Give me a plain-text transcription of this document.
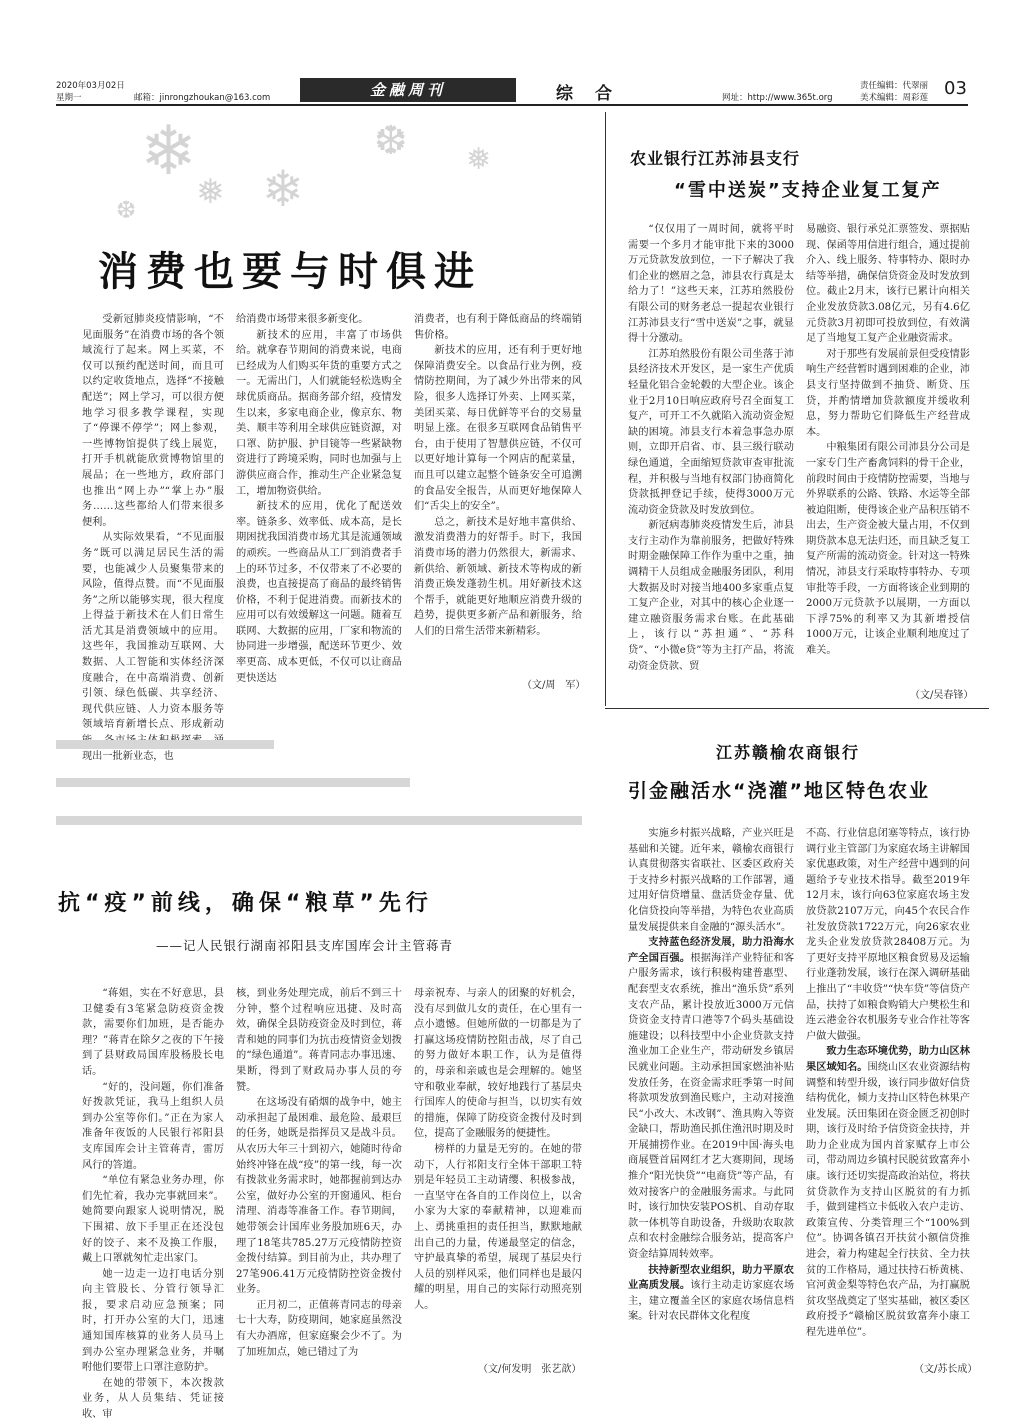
2020年03月02日
星期一	邮箱：jinrongzhoukan@163.com	金融周刊	综合	网址：http://www.365t.org
责任编辑：代翠丽
美术编辑：周彩莲 03
❄ ❄
❅
❆ ❅
❆
消费也要与时俱进

受新冠肺炎疫情影响，“不见面服务”在消费市场的各个领域流行了起来。网上买菜，不仅可以预约配送时间，而且可以约定收货地点，选择“不接触配送”；网上学习，可以很方便地学习很多教学课程，实现了“停课不停学”；网上参观，一些博物馆提供了线上展览，打开手机就能欣赏博物馆里的展品；在一些地方，政府部门也推出“网上办”“掌上办”服务……这些都给人们带来很多便利。

从实际效果看，“不见面服务”既可以满足居民生活的需要，也能减少人员聚集带来的风险，值得点赞。而“不见面服务”之所以能够实现，很大程度上得益于新技术在人们日常生活尤其是消费领域中的应用。这些年，我国推动互联网、大数据、人工智能和实体经济深度融合，在中高端消费、创新引领、绿色低碳、共享经济、现代供应链、人力资本服务等领域培育新增长点、形成新动 现出一批新业态，也

给消费市场带来很多新变化。

新技术的应用，丰富了市场供给。就拿春节期间的消费来说，电商已经成为人们购买年货的重要方式之一。无需出门，人们就能轻松选购全球优质商品。据商务部介绍，疫情发生以来，多家电商企业，像京东、物美、顺丰等利用全球供应链资源，对口罩、防护服、护目镜等一些紧缺物资进行了跨境采购，同时也加强与上游供应商合作，推动生产企业紧急复工，增加物资供给。

新技术的应用，优化了配送效率。链条多、效率低、成本高，是长期困扰我国消费市场尤其是流通领域的顽疾。一些商品从工厂到消费者手上的环节过多，不仅带来了不必要的浪费，也直接提高了商品的最终销售价格，不利于促进消费。而新技术的应用可以有效缓解这一问题。随着互联网、大数据的应用，厂家和物流的协同进一步增强，配送环节更少、效率更高、成本更低，不仅可以让商品更快送达

消费者，也有利于降低商品的终端销售价格。

新技术的应用，还有利于更好地保障消费安全。以食品行业为例，疫情防控期间，为了减少外出带来的风险，很多人选择订外卖、上网买菜，美团买菜、每日优鲜等平台的交易量明显上涨。在很多互联网食品销售平台，由于使用了智慧供应链，不仅可以更好地计算每一个网店的配菜量，而且可以建立起整个链条安全可追溯的食品安全报告，从而更好地保障人们“舌尖上的安全”。

总之，新技术是好地丰富供给、激发消费潜力的好帮手。时下，我国消费市场的潜力仍然很大，新需求、新供给、新领域、新技术等构成的新消费正焕发蓬勃生机。用好新技术这个帮手，就能更好地顺应消费升级的趋势，提供更多新产品和新服务，给人们的日常生活带来新精彩。

（文/周　军）
农业银行江苏沛县支行
“雪中送炭”支持企业复工复产

“仅仅用了一周时间，就将平时需要一个多月才能审批下来的3000万元贷款发放到位，一下子解决了我们企业的燃眉之急，沛县农行真是太给力了！”这些天来，江苏珀然股份有限公司的财务老总一提起农业银行江苏沛县支行“雪中送炭”之事，就显得十分激动。

江苏珀然股份有限公司坐落于沛县经济技术开发区，是一家生产优质轻量化铝合金轮毂的大型企业。该企业于2月10日响应政府号召全面复工复产，可开工不久就陷入流动资金短缺的困境。沛县支行本着急事急办原则，立即开启省、市、县三级行联动绿色通道，全面缩短贷款审查审批流程，并积极与当地有权部门协商简化贷款抵押登记手续，使得3000万元流动资金贷款及时发放到位。

新冠病毒肺炎疫情发生后，沛县支行主动作为靠前服务，把做好特殊时期金融保障工作作为重中之重，抽调精干人员组成金融服务团队，利用大数据及时对接当地400多家重点复工复产企业，对其中的核心企业逐一建立融资服务需求台账。在此基础上，该行以“苏担通”、“苏科贷”、“小微e贷”等为主打产品，将流动资金贷款、贸

易融资、银行承兑汇票签发、票据贴现、保函等用信进行组合，通过提前介入、线上服务、特事特办、限时办结等举措，确保信贷资金及时发放到位。截止2月末，该行已累计向相关企业发放贷款3.08亿元，另有4.6亿元贷款3月初即可投放到位，有效满足了当地复工复产企业融资需求。

对于那些有发展前景但受疫情影响生产经营暂时遇到困难的企业，沛县支行坚持做到不抽贷、断贷、压贷，并酌情增加贷款额度并缓收利息，努力帮助它们降低生产经营成本。

中粮集团有限公司沛县分公司是一家专门生产畜禽饲料的骨干企业，前段时间由于疫情防控需要，当地与外界联系的公路、铁路、水运等全部被迫阻断，使得该企业产品积压销不出去，生产资金被大量占用，不仅到期贷款本息无法归还，而且缺乏复工复产所需的流动资金。针对这一特殊情况，沛县支行采取特事特办、专项审批等手段，一方面将该企业到期的2000万元贷款予以展期，一方面以下浮75%的利率又为其新增授信1000万元，让该企业顺利地度过了难关。

（文/吴春锋）
抗“疫”前线，确保“粮草”先行
——记人民银行湖南祁阳县支库国库会计主管蒋青

“蒋姐，实在不好意思，县卫健委有3笔紧急防疫资金拨款，需要你们加班，是否能办理？”蒋青在除夕之夜的下午接到了县财政局国库股杨股长电话。

“好的，没问题，你们准备好拨款凭证，我马上组织人员到办公室等你们。”正在为家人准备年夜饭的人民银行祁阳县支库国库会计主管蒋青，雷厉风行的答道。

“单位有紧急业务办理，你们先忙着，我办完事就回来”。她简要向跟家人说明情况，脱下围裙、放下手里正在还没包好的饺子、来不及换工作服，戴上口罩就匆忙走出家门。

她一边走一边打电话分别向主管股长、分管行领导汇报，要求启动应急预案；同时，打开办公室的大门，迅速通知国库核算的业务人员马上到办公室办理紧急业务，并嘱咐他们要带上口罩注意防护。

在她的带领下，本次拨款业务，从人员集结、凭证接收、审

核，到业务处理完成，前后不到三十分钟，整个过程响应迅捷、及时高效，确保全县防疫资金及时到位，蒋青和她的同事们为抗击疫情资金划拨的“绿色通道”。蒋青同志办事迅速、果断，得到了财政局办事人员的夸赞。

在这场没有硝烟的战争中，她主动承担起了最困难、最危险、最艰巨的任务，她既是指挥员又是战斗员。从农历大年三十到初六，她随时待命始终冲锋在战“疫”的第一线，每一次有拨款业务需求时，她都握前到达办公室，做好办公室的开窗通风、柜台清理、消毒等准备工作。春节期间，她带领会计国库业务股加班6天，办理了18笔共785.27万元疫情防控资金拨付结算。到目前为止，共办理了27笔906.41万元疫情防控资金拨付业务。

正月初二，正值蒋青同志的母亲七十大寿，防疫期间，她家庭虽然没有大办酒席，但家庭聚会少不了。为了加班加点，她已错过了为

母亲祝寿、与亲人的团聚的好机会，没有尽到做儿女的责任，在心里有一点小遗憾。但她所做的一切都是为了打赢这场疫情防控阻击战，尽了自己的努力做好本职工作，认为是值得的，母亲和亲戚也是会理解的。她坚守和敬业奉献，较好地践行了基层央行国库人的使命与担当，以切实有效的措施，保障了防疫资金拨付及时到位，提高了金融服务的便捷性。

榜样的力量是无穷的。在她的带动下，人行祁阳支行全体干部职工特别是年轻员工主动请缨、积极参战，一直坚守在各自的工作岗位上，以舍小家为大家的奉献精神，以迎难而上、勇挑重担的责任担当，默默地献出自己的力量，传递最坚定的信念，守护最真挚的希望，展现了基层央行人员的别样风采，他们同样也是最闪耀的明星，用自己的实际行动照亮别人。

（文/何发明　张艺歆）
江苏赣榆农商银行
引金融活水“浇灌”地区特色农业

实施乡村振兴战略，产业兴旺是基础和关键。近年来，赣榆农商银行认真贯彻落实省联社、区委区政府关于支持乡村振兴战略的工作部署，通过用好信贷增量、盘活贷金存量、优化信贷投向等举措，为特色农业高质量发展提供来自金融的“源头活水”。

支持蓝色经济发展，助力沿海水产全国百强。根据海洋产业特征和客户服务需求，该行积极构建普惠型、配套型支农系统，推出“渔乐贷”系列支农产品，累计投放近3000万元信贷资金支持青口港等7个码头基础设施建设；以科技型中小企业贷款支持渔业加工企业生产，带动研发乡镇居民就业问题。主动承担国家燃油补贴发放任务，在资金需求旺季第一时间将款项发放到渔民账户，主动对接渔民“小改大、木改钢”、渔具购入等资金缺口，帮助渔民抓住渔汛时期及时开展捕捞作业。在2019中国·海头电商展暨首届网红才艺大赛期间，现场推介“阳光快贷”“电商贷”等产品，有效对接客户的金融服务需求。与此同时，该行加快安装POS机、自动存取款一体机等自助设备，升级助农取款点和农村金融综合服务站，提高客户资金结算周转效率。

扶持新型农业组织，助力平原农业高质发展。该行主动走访家庭农场主，建立覆盖全区的家庭农场信息档案。针对农民群体文化程度

不高、行业信息闭塞等特点，该行协调行业主管部门为家庭农场主讲解国家优惠政策，对生产经营中遇到的问题给予专业技术指导。截至2019年12月末，该行向63位家庭农场主发放贷款2107万元，向45个农民合作社发放贷款1722万元，向26家农业龙头企业发放贷款28408万元。为了更好支持平原地区粮食贸易及运输行业蓬勃发展，该行在深入调研基础上推出了“丰收贷”“快车贷”等信贷产品，扶持了如粮食购销大户樊松生和连云港金谷农机服务专业合作社等客户做大做强。

致力生态环境优势，助力山区林果区域知名。围绕山区农业资源结构调整和转型升级，该行同步做好信贷结构优化，倾力支持山区特色林果产业发展。沃田集团在资金匮乏初创时期，该行及时给予信贷资金扶持，并助力企业成为国内首家赋存上市公司，带动周边乡镇村民脱贫致富奔小康。该行还切实提高政治站位，将扶贫贷款作为支持山区脱贫的有力抓手，做到建档立卡低收入农户走访、政策宣传、分类管理三个“100%到位”。协调各镇召开扶贫小额信贷推进会，着力构建起全行扶贫、全力扶贫的工作格局，通过扶持石桥黄桃、官河黄金梨等特色农产品，为打赢脱贫攻坚战奠定了坚实基础，被区委区政府授予“赣榆区脱贫致富奔小康工程先进单位”。

（文/苏长成）
